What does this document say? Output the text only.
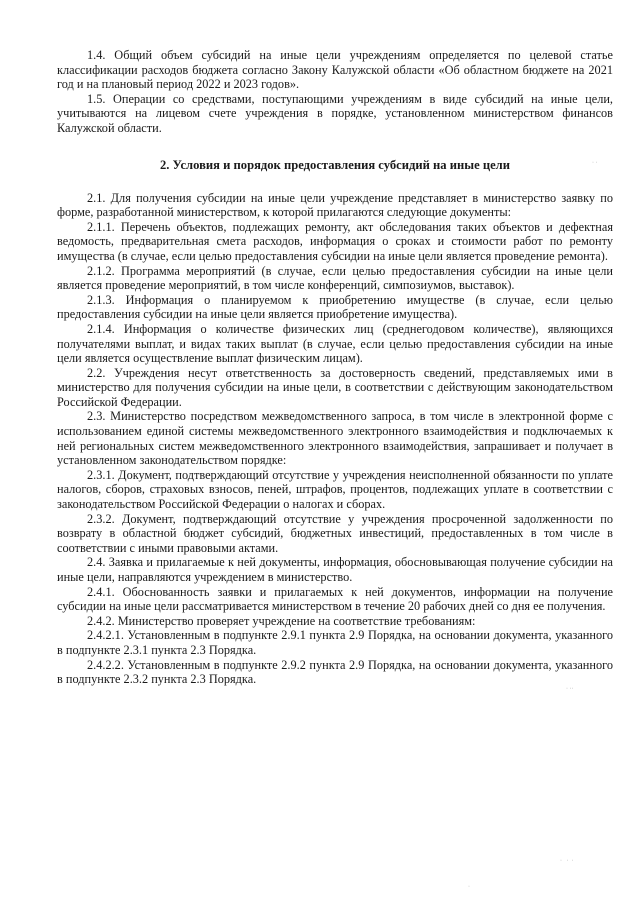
1.4. Общий объем субсидий на иные цели учреждениям определяется по целевой статье классификации расходов бюджета согласно Закону Калужской области «Об областном бюджете на 2021 год и на плановый период 2022 и 2023 годов».

1.5. Операции со средствами, поступающими учреждениям в виде субсидий на иные цели, учитываются на лицевом счете учреждения в порядке, установленном министерством финансов Калужской области.

2. Условия и порядок предоставления субсидий на иные цели

2.1. Для получения субсидии на иные цели учреждение представляет в министерство заявку по форме, разработанной министерством, к которой прилагаются следующие документы:

2.1.1. Перечень объектов, подлежащих ремонту, акт обследования таких объектов и дефектная ведомость, предварительная смета расходов, информация о сроках и стоимости работ по ремонту имущества (в случае, если целью предоставления субсидии на иные цели является проведение ремонта).

2.1.2. Программа мероприятий (в случае, если целью предоставления субсидии на иные цели является проведение мероприятий, в том числе конференций, симпозиумов, выставок).

2.1.3. Информация о планируемом к приобретению имуществе (в случае, если целью предоставления субсидии на иные цели является приобретение имущества).

2.1.4. Информация о количестве физических лиц (среднегодовом количестве), являющихся получателями выплат, и видах таких выплат (в случае, если целью предоставления субсидии на иные цели является осуществление выплат физическим лицам).

2.2. Учреждения несут ответственность за достоверность сведений, представляемых ими в министерство для получения субсидии на иные цели, в соответствии с действующим законодательством Российской Федерации.

2.3. Министерство посредством межведомственного запроса, в том числе в электронной форме с использованием единой системы межведомственного электронного взаимодействия и подключаемых к ней региональных систем межведомственного электронного взаимодействия, запрашивает и получает в установленном законодательством порядке:

2.3.1. Документ, подтверждающий отсутствие у учреждения неисполненной обязанности по уплате налогов, сборов, страховых взносов, пеней, штрафов, процентов, подлежащих уплате в соответствии с законодательством Российской Федерации о налогах и сборах.

2.3.2. Документ, подтверждающий отсутствие у учреждения просроченной задолженности по возврату в областной бюджет субсидий, бюджетных инвестиций, предоставленных в том числе в соответствии с иными правовыми актами.

2.4. Заявка и прилагаемые к ней документы, информация, обосновывающая получение субсидии на иные цели, направляются учреждением в министерство.

2.4.1. Обоснованность заявки и прилагаемых к ней документов, информации на получение субсидии на иные цели рассматривается министерством в течение 20 рабочих дней со дня ее получения.

2.4.2. Министерство проверяет учреждение на соответствие требованиям:

2.4.2.1. Установленным в подпункте 2.9.1 пункта 2.9 Порядка, на основании документа, указанного в подпункте 2.3.1 пункта 2.3 Порядка.

2.4.2.2. Установленным в подпункте 2.9.2 пункта 2.9 Порядка, на основании документа, указанного в подпункте 2.3.2 пункта 2.3 Порядка.

· ·
· ··
·   ·  ·
·
